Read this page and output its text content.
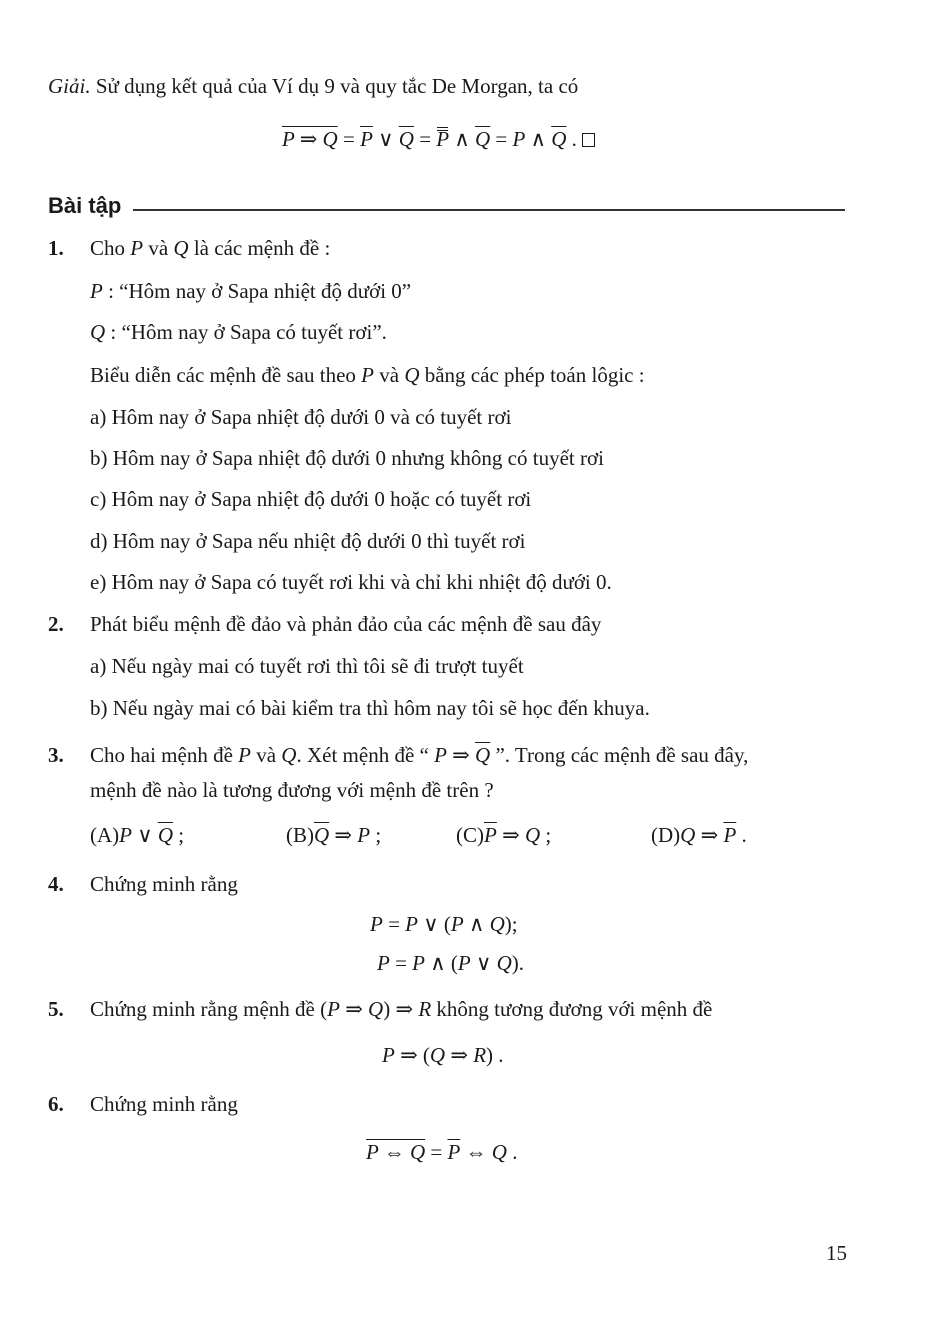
Giải. Sử dụng kết quả của Ví dụ 9 và quy tắc De Morgan, ta có
P ⇒ $Q = \overline{P}$ ∨ $\overline{Q} = P$ ∧ $\overline{Q} = P$ ∧ $\overline{Q}$ .
Bài tập
1. Cho P và Q là các mệnh đề :
P : “Hôm nay ở Sapa nhiệt độ dưới 0”
Q : “Hôm nay ở Sapa có tuyết rơi”.
Biểu diễn các mệnh đề sau theo P và Q bằng các phép toán lôgic :
a) Hôm nay ở Sapa nhiệt độ dưới 0 và có tuyết rơi
b) Hôm nay ở Sapa nhiệt độ dưới 0 nhưng không có tuyết rơi
c) Hôm nay ở Sapa nhiệt độ dưới 0 hoặc có tuyết rơi
d) Hôm nay ở Sapa nếu nhiệt độ dưới 0 thì tuyết rơi
e) Hôm nay ở Sapa có tuyết rơi khi và chỉ khi nhiệt độ dưới 0.
2. Phát biểu mệnh đề đảo và phản đảo của các mệnh đề sau đây
a) Nếu ngày mai có tuyết rơi thì tôi sẽ đi trượt tuyết
b) Nếu ngày mai có bài kiểm tra thì hôm nay tôi sẽ học đến khuya.
3. Cho hai mệnh đề P và Q. Xét mệnh đề “ P ⇒ $\overline{Q}$ ”. Trong các mệnh đề sau đây,
mệnh đề nào là tương đương với mệnh đề trên ?
(A)P ∨ $\overline{Q}$ ;	$(B)\overline{Q}$ ⇒ P ;	$(C)\overline{P}$ ⇒ Q ;	(D)Q ⇒ $\overline{P}$ .
4. Chứng minh rằng
P = P ∨ (P ∧ Q);
P = P ∧ (P ∨ Q).
5. Chứng minh rằng mệnh đề (P ⇒ Q) ⇒ R không tương đương với mệnh đề
P ⇒ (Q ⇒ R) .
6. Chứng minh rằng
P ⇔ $Q = \overline{P}$ ⇔ Q .
15
